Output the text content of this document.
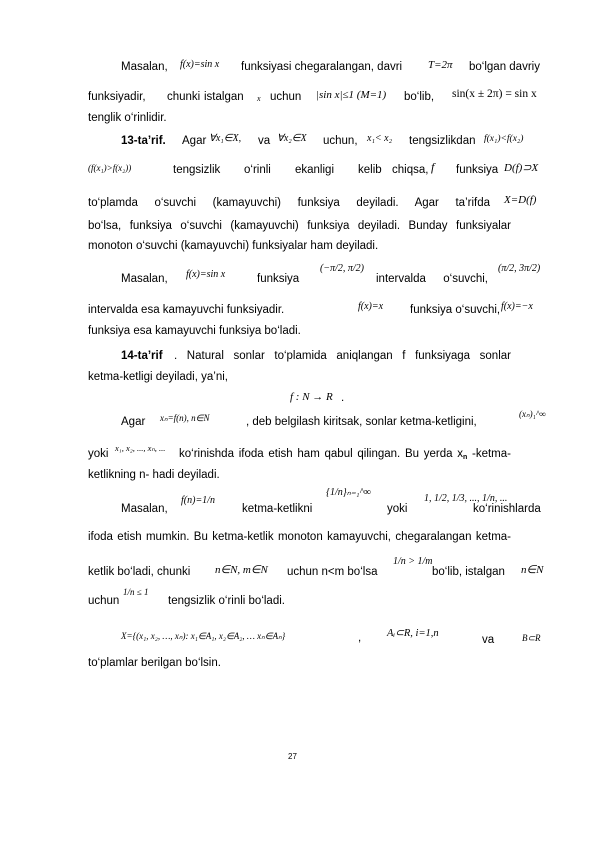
Masalan, f(x)=sin x funksiyasi chegaralangan, davri T=2π bo‘lgan davriy
funksiyadir, chunki istalgan x uchun |sin x|≤1 (M=1) bo‘lib, sin(x ± 2π) = sin x
tenglik o‘rinlidir.
13-ta’rif. Agar ∀x₁∈X, va ∀x₂∈X uchun, x₁< x₂ tengsizlikdan f(x₁)<f(x₂)
(f(x₁)>f(x₂))	tengsizlik o‘rinli ekanligi kelib chiqsa, f funksiya D(f)⊃X
to‘plamda o‘suvchi (kamayuvchi) funksiya deyiladi. Agar ta’rifda X=D(f)
bo‘lsa, funksiya o‘suvchi (kamayuvchi) funksiya deyiladi. Bunday funksiyalar
monoton o‘suvchi (kamayuvchi) funksiyalar ham deyiladi.
Masalan, f(x)=sin x	funksiya
(−π/2, π/2)
intervalda o‘suvchi,
(π/2, 3π/2)
intervalda esa kamayuvchi funksiyadir.	f(x)=x funksiya o‘suvchi, f(x)=−x
funksiya esa kamayuvchi funksiya bo‘ladi.
14-ta’rif . Natural sonlar to‘plamida aniqlangan f funksiyaga sonlar
ketma-ketligi deyiladi, ya’ni,
f : N → R .
Agar xₙ=f(n), n∈N	, deb belgilash kiritsak, sonlar ketma-ketligini,
(xₙ)₁^∞
yoki x₁, x₂, ..., xₙ, ... ko‘rinishda ifoda etish ham qabul qilingan. Bu yerda $x_n$ -ketma-
ketlikning n- hadi deyiladi.
Masalan,
f(n)=1/n
ketma-ketlikni
{1/n}ₙ₌₁^∞
yoki
1, 1/2, 1/3, ..., 1/n, ...
ko‘rinishlarda
ifoda etish mumkin. Bu ketma-ketlik monoton kamayuvchi, chegaralangan ketma-
ketlik bo‘ladi, chunki n∈N, m∈N uchun n<m bo‘lsa
1/n > 1/m
bo‘lib, istalgan n∈N
uchun
1/n ≤ 1
tengsizlik o‘rinli bo‘ladi.
X={(x₁, x₂, …, xₙ): x₁∈A₁, x₂∈A₂, … xₙ∈Aₙ}	, Aᵢ⊂R, i=1,n
va	B⊂R
to‘plamlar berilgan bo‘lsin.
27
